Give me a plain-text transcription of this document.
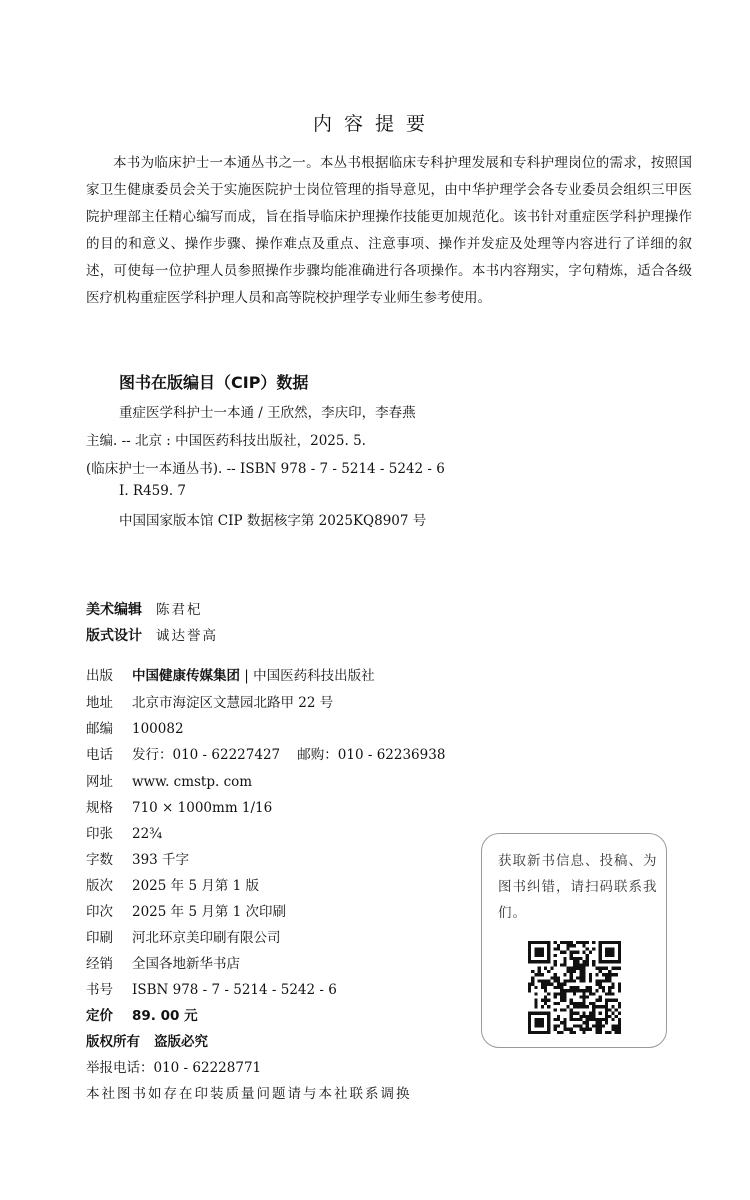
内容提要

本书为临床护士一本通丛书之一。本丛书根据临床专科护理发展和专科护理岗位的需求，按照国家卫生健康委员会关于实施医院护士岗位管理的指导意见，由中华护理学会各专业委员会组织三甲医院护理部主任精心编写而成，旨在指导临床护理操作技能更加规范化。该书针对重症医学科护理操作的目的和意义、操作步骤、操作难点及重点、注意事项、操作并发症及处理等内容进行了详细的叙述，可使每一位护理人员参照操作步骤均能准确进行各项操作。本书内容翔实，字句精炼，适合各级医疗机构重症医学科护理人员和高等院校护理学专业师生参考使用。

图书在版编目（CIP）数据
重症医学科护士一本通 / 王欣然，李庆印，李春燕
主编. -- 北京 : 中国医药科技出版社，2025. 5.
(临床护士一本通丛书). -- ISBN 978 - 7 - 5214 - 5242 - 6
Ⅰ. R459. 7
中国国家版本馆 CIP 数据核字第 2025KQ8907 号
美术编辑 陈君杞
版式设计 诚达誉高
出版 中国健康传媒集团 | 中国医药科技出版社
地址 北京市海淀区文慧园北路甲 22 号
邮编 100082
电话 发行：010 - 62227427    邮购：010 - 62236938
网址 www. cmstp. com
规格 710 × 1000mm 1/16
印张 22¾
字数 393 千字
版次 2025 年 5 月第 1 版
印次 2025 年 5 月第 1 次印刷
印刷 河北环京美印刷有限公司
经销 全国各地新华书店
书号 ISBN 978 - 7 - 5214 - 5242 - 6
定价 89. 00 元
版权所有 盗版必究
举报电话：010 - 62228771
本社图书如存在印装质量问题请与本社联系调换
获取新书信息、投稿、为图书纠错，请扫码联系我们。
